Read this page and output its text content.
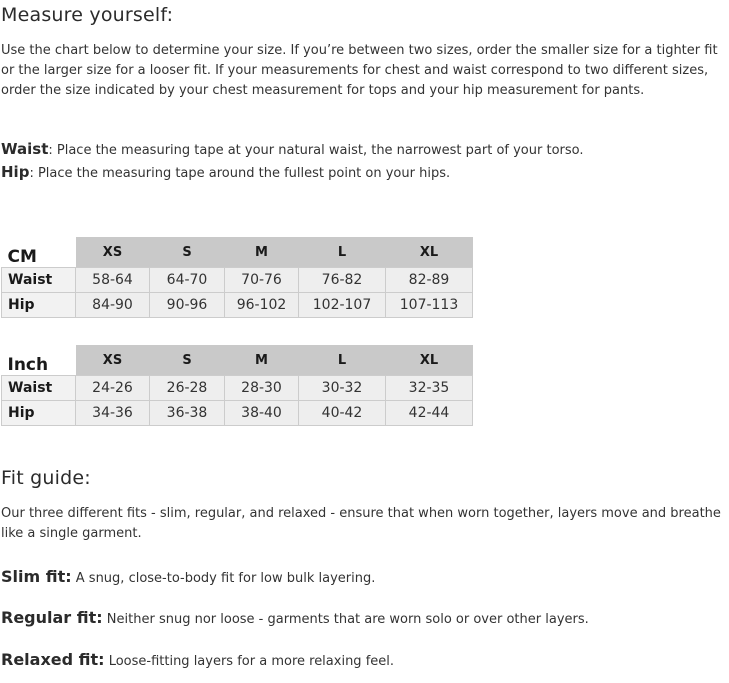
Measure yourself:

Use the chart below to determine your size. If you’re between two sizes, order the smaller size for a tighter fit or the larger size for a looser fit. If your measurements for chest and waist correspond to two different sizes, order the size indicated by your chest measurement for tops and your hip measurement for pants.

Waist: Place the measuring tape at your natural waist, the narrowest part of your torso.

Hip: Place the measuring tape around the fullest point on your hips.

CM	XS	S	M	L	XL
Waist	58-64	64-70	70-76	76-82	82-89
Hip	84-90	90-96	96-102	102-107	107-113
Inch	XS	S	M	L	XL
Waist	24-26	26-28	28-30	30-32	32-35
Hip	34-36	36-38	38-40	40-42	42-44
Fit guide:

Our three different fits - slim, regular, and relaxed - ensure that when worn together, layers move and breathe like a single garment.

Slim fit: A snug, close-to-body fit for low bulk layering.

Regular fit: Neither snug nor loose - garments that are worn solo or over other layers.

Relaxed fit: Loose-fitting layers for a more relaxing feel.
